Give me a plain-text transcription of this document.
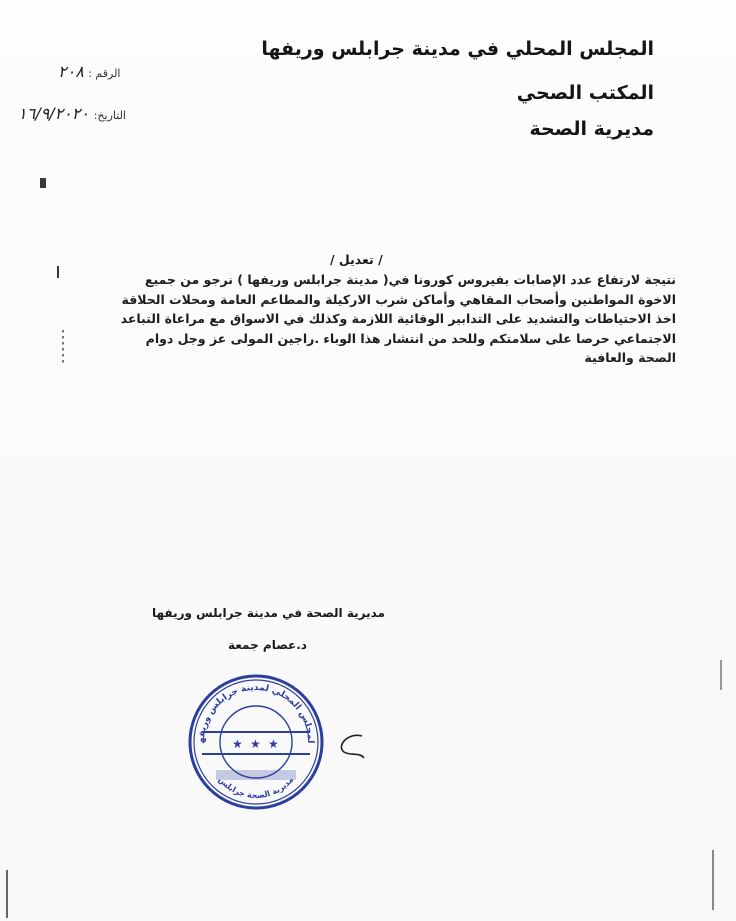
المجلس المحلي في مدينة جرابلس وريفها
المكتب الصحي
مديرية الصحة
الرقم : ٢٠٨
التاريخ: ١٦/٩/٢٠٢٠
/ تعديل /
نتيجة لارتفاع عدد الإصابات بفيروس كورونا في( مدينة جرابلس وريفها ) نرجو من جميع
الاخوة المواطنين وأصحاب المقاهي وأماكن شرب الاركيلة والمطاعم العامة ومحلات الحلاقة
اخذ الاحتياطات والتشديد على التدابير الوقائية اللازمة وكذلك في الاسواق مع مراعاة التباعد
الاجتماعي حرصا على سلامتكم وللحد من انتشار هذا الوباء .راجين المولى عز وجل دوام
الصحة والعافية
مديرية الصحة في مدينة جرابلس وريفها
د.عصام جمعة
لمجلس المحلي لمدينة جرابلس وريفه
مديرية الصحة جرابلس
★ ★ ★
